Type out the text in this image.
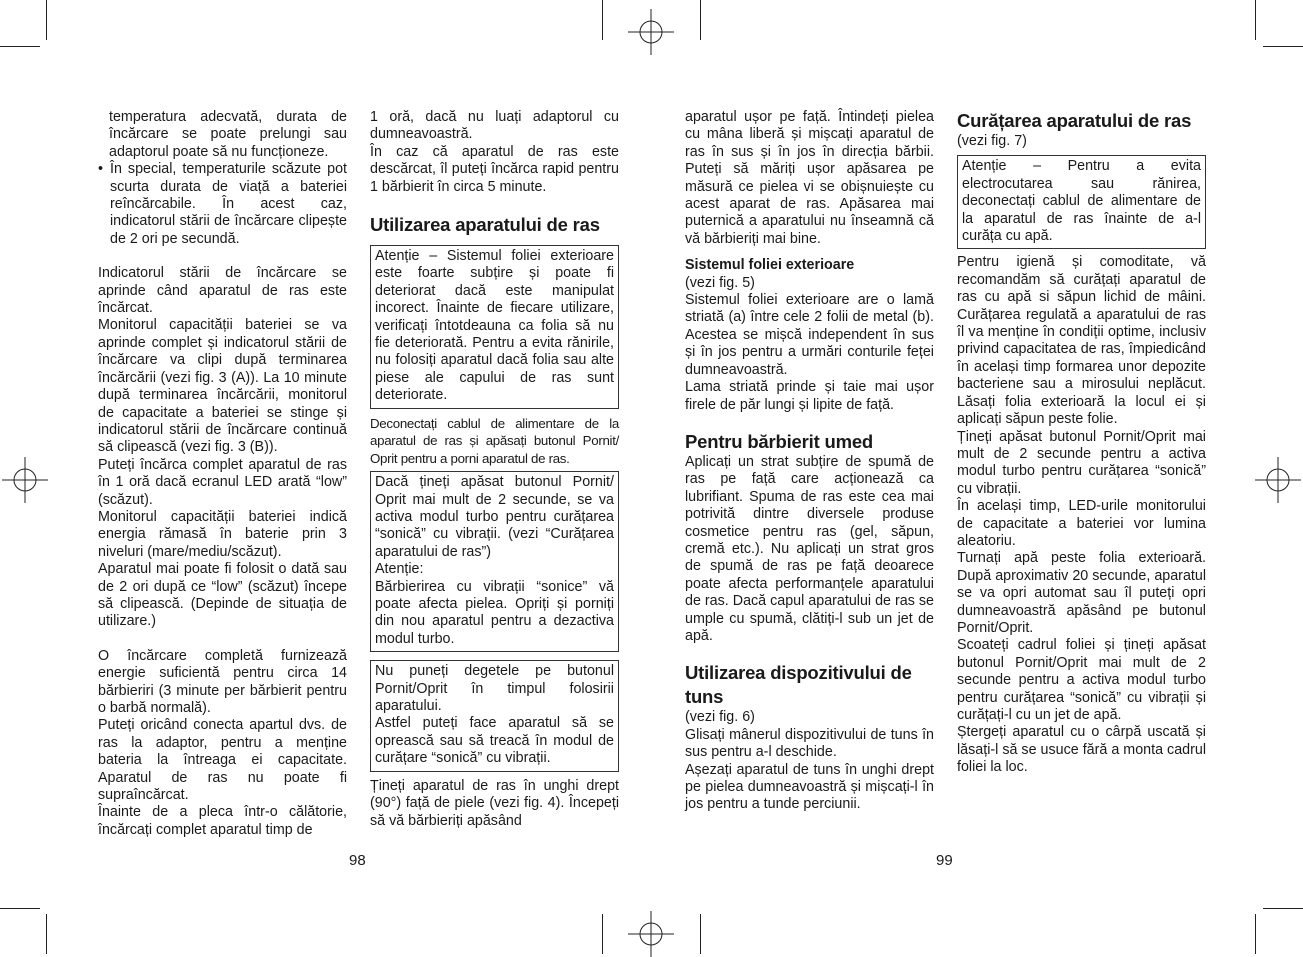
temperatura adecvată, durata de încărcare se poate prelungi sau adaptorul poate să nu funcționeze.

• În special, temperaturile scăzute pot scurta durata de viață a bateriei reîncărcabile. În acest caz, indicatorul stării de încărcare clipește de 2 ori pe secundă.

Indicatorul stării de încărcare se aprinde când aparatul de ras este încărcat.

Monitorul capacității bateriei se va aprinde complet și indicatorul stării de încărcare va clipi după terminarea încărcării (vezi fig. 3 (A)). La 10 minute după terminarea încărcării, monitorul de capacitate a bateriei se stinge și indicatorul stării de încărcare continuă să clipească (vezi fig. 3 (B)).

Puteți încărca complet aparatul de ras în 1 oră dacă ecranul LED arată “low” (scăzut).

Monitorul capacității bateriei indică energia rămasă în baterie prin 3 niveluri (mare/mediu/scăzut).

Aparatul mai poate fi folosit o dată sau de 2 ori după ce “low” (scăzut) începe să clipească. (Depinde de situația de utilizare.)

O încărcare completă furnizează energie suficientă pentru circa 14 bărbieriri (3 minute per bărbierit pentru o barbă normală).

Puteți oricând conecta apartul dvs. de ras la adaptor, pentru a menține bateria la întreaga ei capacitate. Aparatul de ras nu poate fi supraîncărcat.

Înainte de a pleca într-o călătorie, încărcați complet aparatul timp de

1 oră, dacă nu luați adaptorul cu dumneavoastră.

În caz că aparatul de ras este descărcat, îl puteți încărca rapid pentru 1 bărbierit în circa 5 minute.

Utilizarea aparatului de ras

Atenție – Sistemul foliei exterioare este foarte subțire și poate fi deteriorat dacă este manipulat incorect. Înainte de fiecare utilizare, verificați întotdeauna ca folia să nu fie deteriorată. Pentru a evita rănirile, nu folosiți aparatul dacă folia sau alte piese ale capului de ras sunt deteriorate.

Deconectați cablul de alimentare de la aparatul de ras și apăsați butonul Pornit/ Oprit pentru a porni aparatul de ras.

Dacă țineți apăsat butonul Pornit/ Oprit mai mult de 2 secunde, se va activa modul turbo pentru curățarea “sonică” cu vibrații. (vezi “Curățarea aparatului de ras”)

Atenție:

Bărbierirea cu vibrații “sonice” vă poate afecta pielea. Opriți și porniți din nou aparatul pentru a dezactiva modul turbo.

Nu puneți degetele pe butonul Pornit/Oprit în timpul folosirii aparatului.

Astfel puteți face aparatul să se oprească sau să treacă în modul de curățare “sonică” cu vibrații.

Țineți aparatul de ras în unghi drept (90°) față de piele (vezi fig. 4). Începeți să vă bărbieriți apăsând

98

aparatul ușor pe față. Întindeți pielea cu mâna liberă și mișcați aparatul de ras în sus și în jos în direcția bărbii. Puteți să măriți ușor apăsarea pe măsură ce pielea vi se obișnuiește cu acest aparat de ras. Apăsarea mai puternică a aparatului nu înseamnă că vă bărbieriți mai bine.

Sistemul foliei exterioare

(vezi fig. 5)

Sistemul foliei exterioare are o lamă striată (a) între cele 2 folii de metal (b). Acestea se mișcă independent în sus și în jos pentru a urmări conturile feței dumneavoastră.

Lama striată prinde și taie mai ușor firele de păr lungi și lipite de față.

Pentru bărbierit umed

Aplicați un strat subțire de spumă de ras pe față care acționează ca lubrifiant. Spuma de ras este cea mai potrivită dintre diversele produse cosmetice pentru ras (gel, săpun, cremă etc.). Nu aplicați un strat gros de spumă de ras pe față deoarece poate afecta performanțele aparatului de ras. Dacă capul aparatului de ras se umple cu spumă, clătiți-l sub un jet de apă.

Utilizarea dispozitivului de tuns

(vezi fig. 6)

Glisați mânerul dispozitivului de tuns în sus pentru a-l deschide.

Așezați aparatul de tuns în unghi drept pe pielea dumneavoastră și mișcați-l în jos pentru a tunde perciunii.

99
Curățarea aparatului de ras

(vezi fig. 7)

Atenție – Pentru a evita electrocutarea sau rănirea, deconectați cablul de alimentare de la aparatul de ras înainte de a-l curăța cu apă.

Pentru igienă și comoditate, vă recomandăm să curățați aparatul de ras cu apă si săpun lichid de mâini. Curățarea regulată a aparatului de ras îl va menține în condiții optime, inclusiv privind capacitatea de ras, împiedicând în același timp formarea unor depozite bacteriene sau a mirosului neplăcut. Lăsați folia exterioară la locul ei și aplicați săpun peste folie.

Țineți apăsat butonul Pornit/Oprit mai mult de 2 secunde pentru a activa modul turbo pentru curățarea “sonică” cu vibrații.

În același timp, LED-urile monitorului de capacitate a bateriei vor lumina aleatoriu.

Turnați apă peste folia exterioară. După aproximativ 20 secunde, aparatul se va opri automat sau îl puteți opri dumneavoastră apăsând pe butonul Pornit/Oprit.

Scoateți cadrul foliei și țineți apăsat butonul Pornit/Oprit mai mult de 2 secunde pentru a activa modul turbo pentru curățarea “sonică” cu vibrații și curățați-l cu un jet de apă.

Ștergeți aparatul cu o cârpă uscată și lăsați-l să se usuce fără a monta cadrul foliei la loc.
